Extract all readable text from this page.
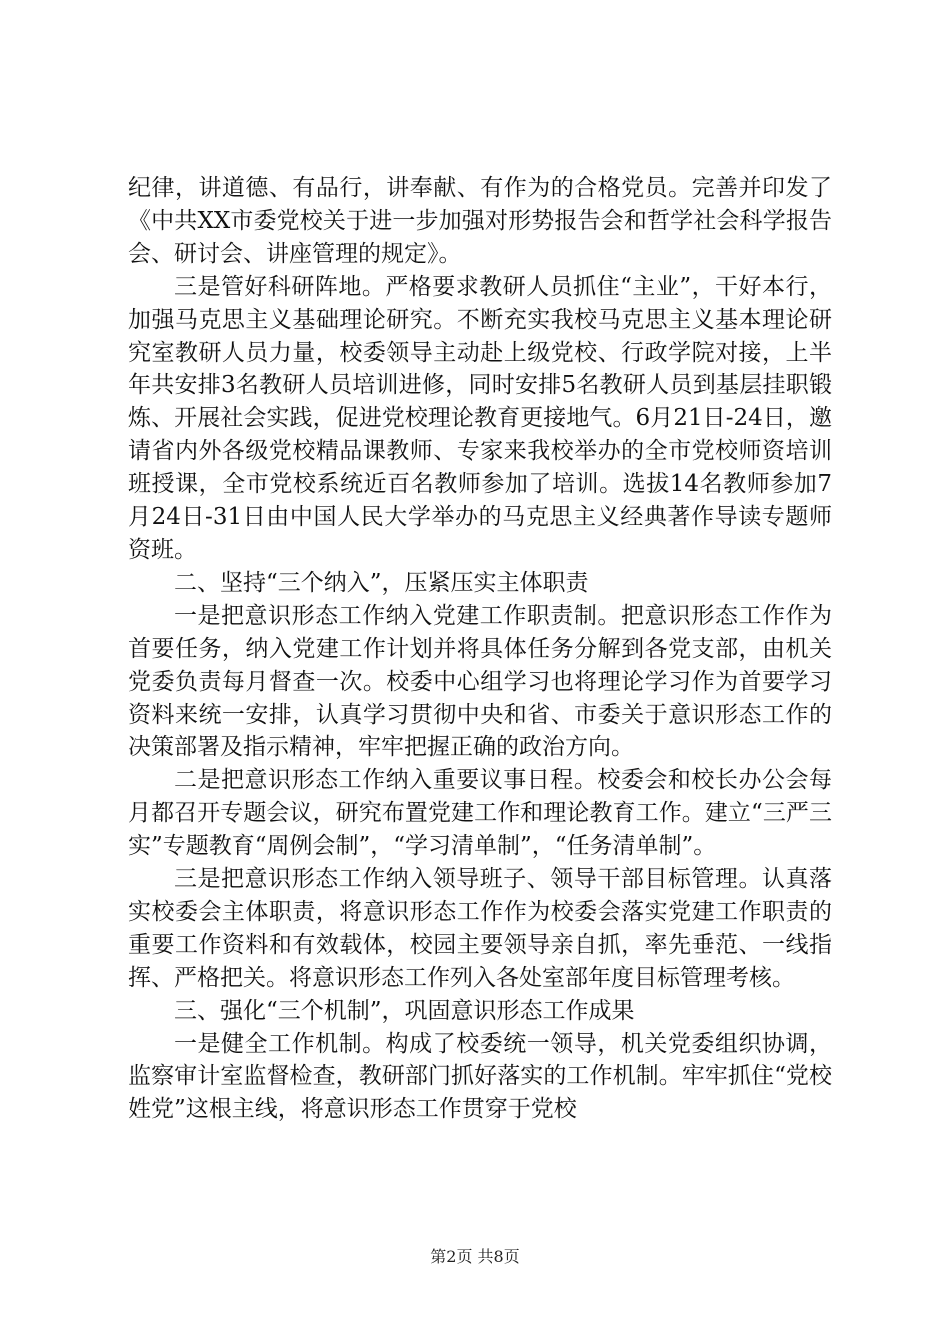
纪律，讲道德、有品行，讲奉献、有作为的合格党员。完善并印发了《中共XX市委党校关于进一步加强对形势报告会和哲学社会科学报告会、研讨会、讲座管理的规定》。

三是管好科研阵地。严格要求教研人员抓住“主业”，干好本行，加强马克思主义基础理论研究。不断充实我校马克思主义基本理论研究室教研人员力量，校委领导主动赴上级党校、行政学院对接，上半年共安排3名教研人员培训进修，同时安排5名教研人员到基层挂职锻炼、开展社会实践，促进党校理论教育更接地气。6月21日-24日，邀请省内外各级党校精品课教师、专家来我校举办的全市党校师资培训班授课，全市党校系统近百名教师参加了培训。选拔14名教师参加7月24日-31日由中国人民大学举办的马克思主义经典著作导读专题师资班。

二、坚持“三个纳入”，压紧压实主体职责

一是把意识形态工作纳入党建工作职责制。把意识形态工作作为首要任务，纳入党建工作计划并将具体任务分解到各党支部，由机关党委负责每月督查一次。校委中心组学习也将理论学习作为首要学习资料来统一安排，认真学习贯彻中央和省、市委关于意识形态工作的决策部署及指示精神，牢牢把握正确的政治方向。

二是把意识形态工作纳入重要议事日程。校委会和校长办公会每月都召开专题会议，研究布置党建工作和理论教育工作。建立“三严三实”专题教育“周例会制”，“学习清单制”，“任务清单制”。

三是把意识形态工作纳入领导班子、领导干部目标管理。认真落实校委会主体职责，将意识形态工作作为校委会落实党建工作职责的重要工作资料和有效载体，校园主要领导亲自抓，率先垂范、一线指挥、严格把关。将意识形态工作列入各处室部年度目标管理考核。

三、强化“三个机制”，巩固意识形态工作成果

一是健全工作机制。构成了校委统一领导，机关党委组织协调，监察审计室监督检查，教研部门抓好落实的工作机制。牢牢抓住“党校姓党”这根主线，将意识形态工作贯穿于党校

第2页 共8页
